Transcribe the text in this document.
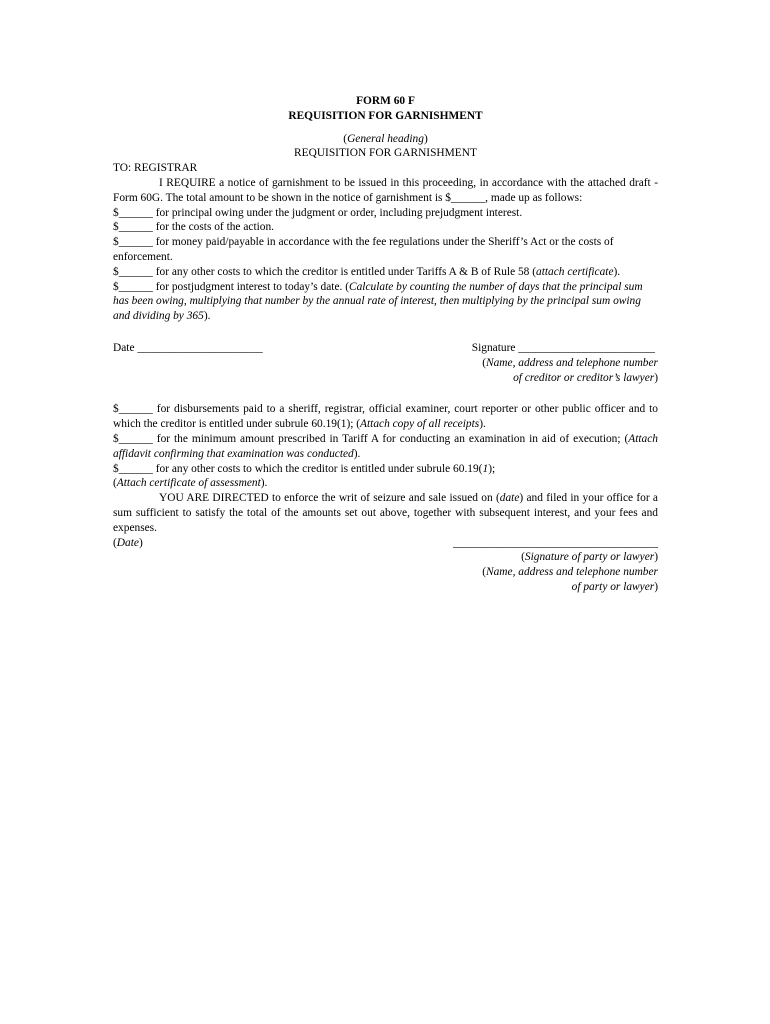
FORM 60 F

REQUISITION FOR GARNISHMENT

(General heading)

REQUISITION FOR GARNISHMENT

TO: REGISTRAR

I REQUIRE a notice of garnishment to be issued in this proceeding, in accordance with the attached draft - Form 60G. The total amount to be shown in the notice of garnishment is $______, made up as follows:

$______ for principal owing under the judgment or order, including prejudgment interest.

$______ for the costs of the action.

$______ for money paid/payable in accordance with the fee regulations under the Sheriff’s Act or the costs of enforcement.

$______ for any other costs to which the creditor is entitled under Tariffs A & B of Rule 58 (attach certificate).

$______ for postjudgment interest to today’s date. (Calculate by counting the number of days that the principal sum has been owing, multiplying that number by the annual rate of interest, then multiplying by the principal sum owing and dividing by 365).

Date ______________________	Signature ________________________

(Name, address and telephone number

of creditor or creditor’s lawyer)

$______ for disbursements paid to a sheriff, registrar, official examiner, court reporter or other public officer and to which the creditor is entitled under subrule 60.19(1); (Attach copy of all receipts).

$______ for the minimum amount prescribed in Tariff A for conducting an examination in aid of execution; (Attach affidavit confirming that examination was conducted).

$______ for any other costs to which the creditor is entitled under subrule 60.19(1);

(Attach certificate of assessment).

YOU ARE DIRECTED to enforce the writ of seizure and sale issued on (date) and filed in your office for a sum sufficient to satisfy the total of the amounts set out above, together with subsequent interest, and your fees and expenses.

(Date)	____________________________________

(Signature of party or lawyer)

(Name, address and telephone number

of party or lawyer)
